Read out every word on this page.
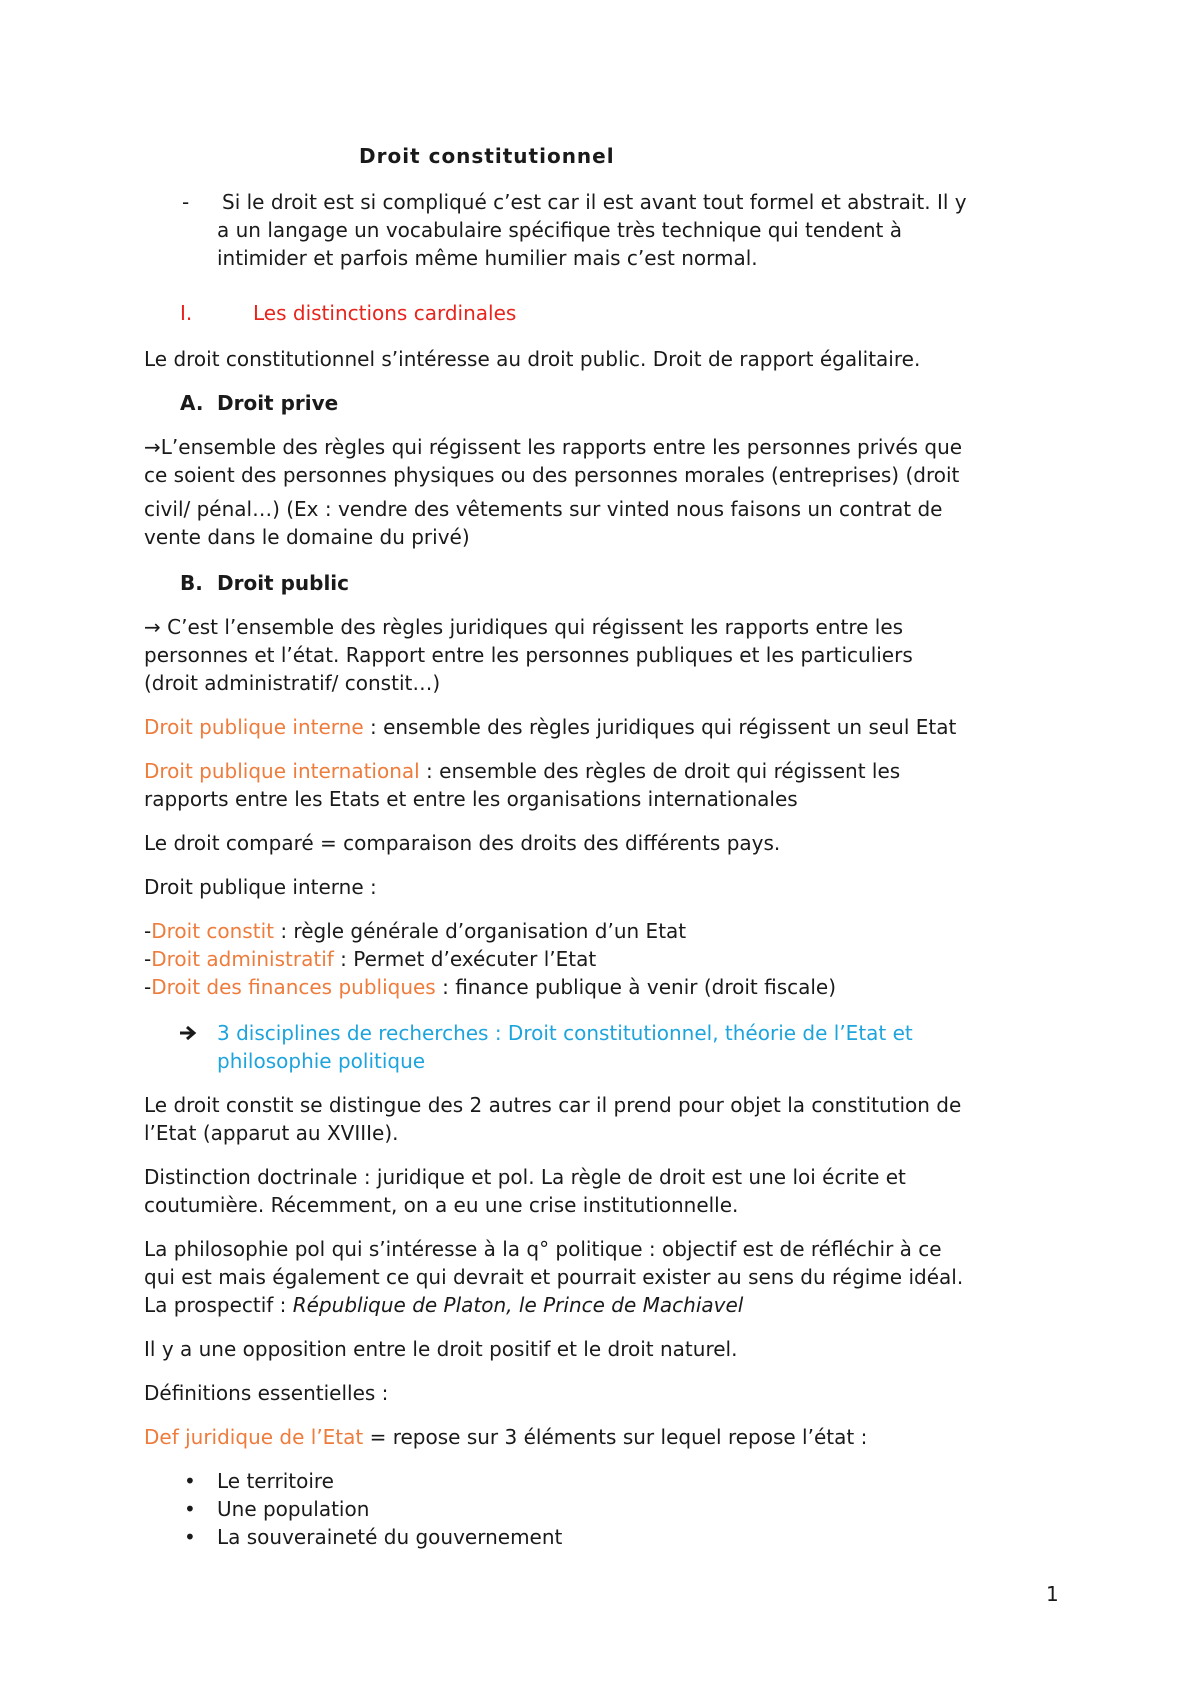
Droit constitutionnel
- Si le droit est si compliqué c’est car il est avant tout formel et abstrait. Il y
a un langage un vocabulaire spécifique très technique qui tendent à
intimider et parfois même humilier mais c’est normal.
I.	Les distinctions cardinales
Le droit constitutionnel s’intéresse au droit public. Droit de rapport égalitaire.
A. Droit prive
→L’ensemble des règles qui régissent les rapports entre les personnes privés que
ce soient des personnes physiques ou des personnes morales (entreprises) (droit
civil/ pénal…) (Ex : vendre des vêtements sur vinted nous faisons un contrat de
vente dans le domaine du privé)
B. Droit public
→ C’est l’ensemble des règles juridiques qui régissent les rapports entre les
personnes et l’état. Rapport entre les personnes publiques et les particuliers
(droit administratif/ constit…)
Droit publique interne : ensemble des règles juridiques qui régissent un seul Etat
Droit publique international : ensemble des règles de droit qui régissent les
rapports entre les Etats et entre les organisations internationales
Le droit comparé = comparaison des droits des différents pays.
Droit publique interne :
-Droit constit : règle générale d’organisation d’un Etat
-Droit administratif : Permet d’exécuter l’Etat
-Droit des finances publiques : finance publique à venir (droit fiscale)
3 disciplines de recherches : Droit constitutionnel, théorie de l’Etat et
philosophie politique
Le droit constit se distingue des 2 autres car il prend pour objet la constitution de
l’Etat (apparut au XVIIIe).
Distinction doctrinale : juridique et pol. La règle de droit est une loi écrite et
coutumière. Récemment, on a eu une crise institutionnelle.
La philosophie pol qui s’intéresse à la q° politique : objectif est de réfléchir à ce
qui est mais également ce qui devrait et pourrait exister au sens du régime idéal.
La prospectif : République de Platon, le Prince de Machiavel
Il y a une opposition entre le droit positif et le droit naturel.
Définitions essentielles :
Def juridique de l’Etat = repose sur 3 éléments sur lequel repose l’état :
• Le territoire
• Une population
• La souveraineté du gouvernement
1
